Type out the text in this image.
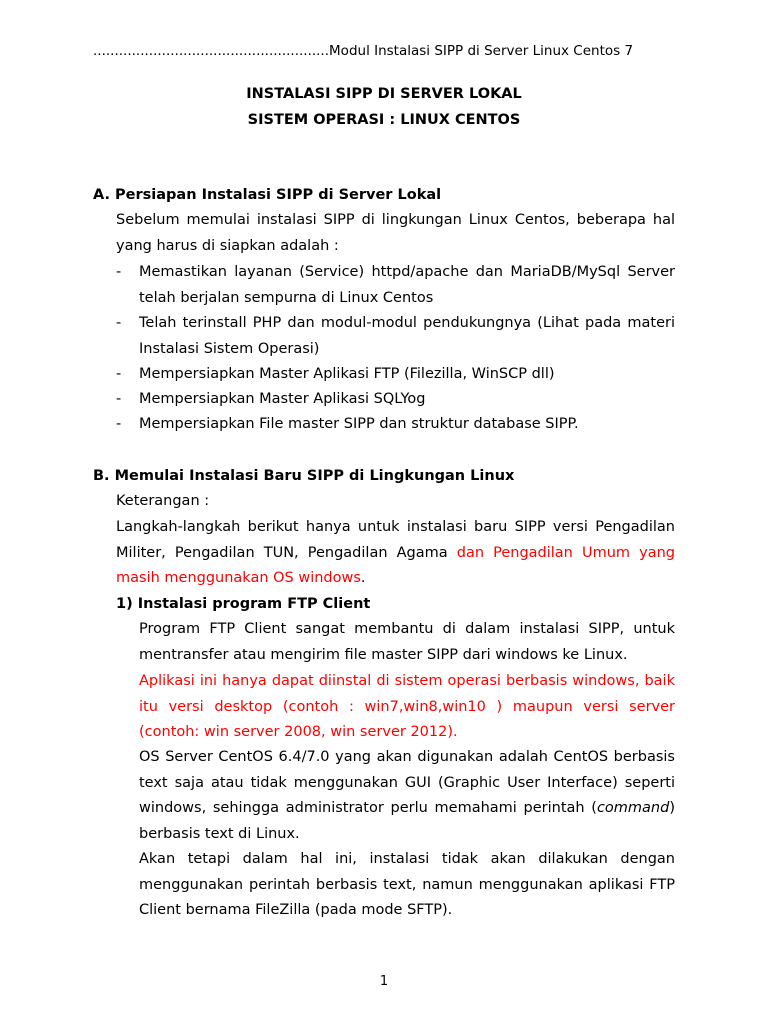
.......................................................Modul Instalasi SIPP di Server Linux Centos 7
INSTALASI SIPP DI SERVER LOKAL
SISTEM OPERASI : LINUX CENTOS
A. Persiapan Instalasi SIPP di Server Lokal
Sebelum memulai instalasi SIPP di lingkungan Linux Centos, beberapa hal yang harus di siapkan adalah :
- Memastikan layanan (Service) httpd/apache dan MariaDB/MySql Server telah berjalan sempurna di Linux Centos
- Telah terinstall PHP dan modul-modul pendukungnya (Lihat pada materi Instalasi Sistem Operasi)
- Mempersiapkan Master Aplikasi FTP (Filezilla, WinSCP dll)
- Mempersiapkan Master Aplikasi SQLYog
- Mempersiapkan File master SIPP dan struktur database SIPP.
B. Memulai Instalasi Baru SIPP di Lingkungan Linux
Keterangan :
Langkah-langkah berikut hanya untuk instalasi baru SIPP versi Pengadilan Militer, Pengadilan TUN, Pengadilan Agama dan Pengadilan Umum yang masih menggunakan OS windows.
1) Instalasi program FTP Client
Program FTP Client sangat membantu di dalam instalasi SIPP, untuk mentransfer atau mengirim file master SIPP dari windows ke Linux.
Aplikasi ini hanya dapat diinstal di sistem operasi berbasis windows, baik itu versi desktop (contoh : win7,win8,win10 ) maupun versi server (contoh: win server 2008, win server 2012).
OS Server CentOS 6.4/7.0 yang akan digunakan adalah CentOS berbasis text saja atau tidak menggunakan GUI (Graphic User Interface) seperti windows, sehingga administrator perlu memahami perintah (command) berbasis text di Linux.
Akan tetapi dalam hal ini, instalasi tidak akan dilakukan dengan menggunakan perintah berbasis text, namun menggunakan aplikasi FTP Client bernama FileZilla (pada mode SFTP).
1
